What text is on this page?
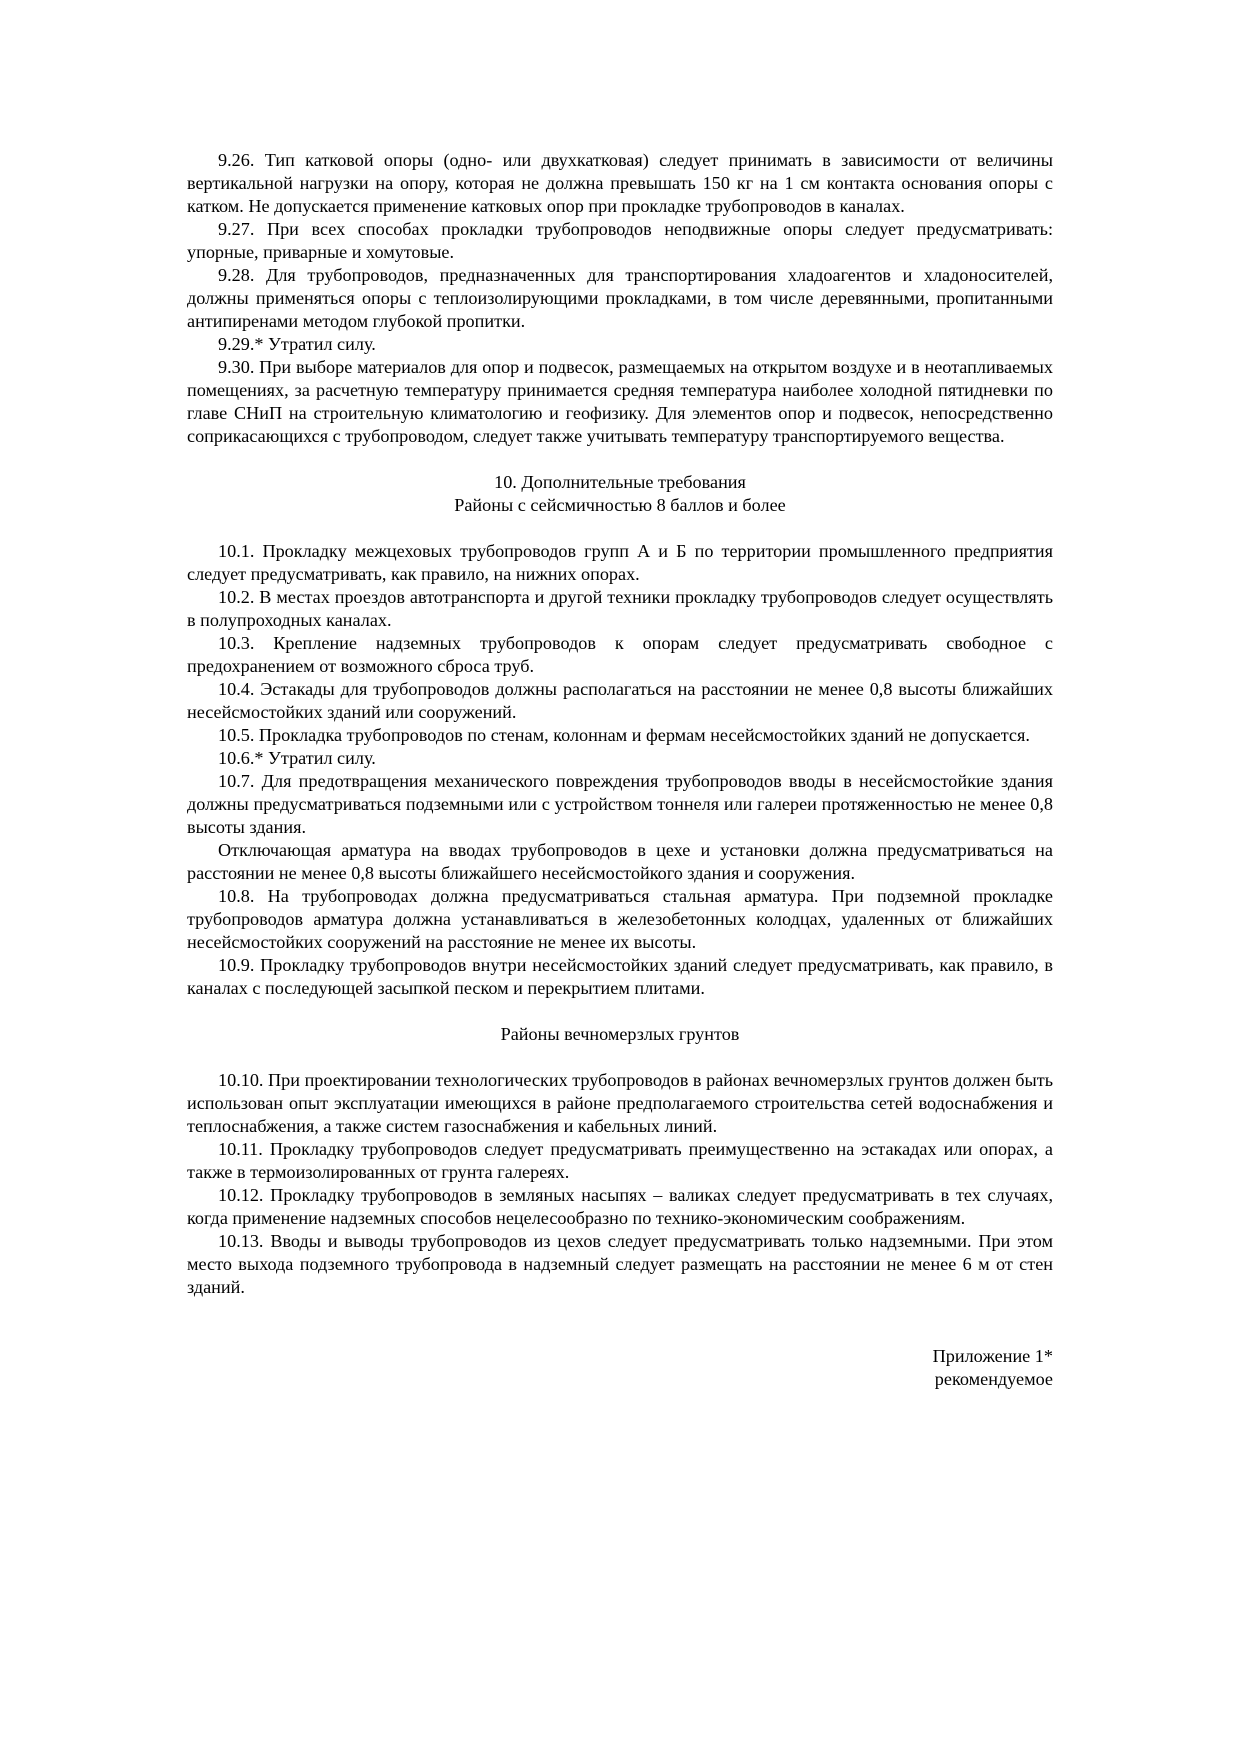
9.26. Тип катковой опоры (одно- или двухкатковая) следует принимать в зависимости от величины вертикальной нагрузки на опору, которая не должна превышать 150 кг на 1 см контакта основания опоры с катком. Не допускается применение катковых опор при прокладке трубопроводов в каналах.

9.27. При всех способах прокладки трубопроводов неподвижные опоры следует предусматривать: упорные, приварные и хомутовые.

9.28. Для трубопроводов, предназначенных для транспортирования хладоагентов и хладоносителей, должны применяться опоры с теплоизолирующими прокладками, в том числе деревянными, пропитанными антипиренами методом глубокой пропитки.

9.29.* Утратил силу.

9.30. При выборе материалов для опор и подвесок, размещаемых на открытом воздухе и в неотапливаемых помещениях, за расчетную температуру принимается средняя температура наиболее холодной пятидневки по главе СНиП на строительную климатологию и геофизику. Для элементов опор и подвесок, непосредственно соприкасающихся с трубопроводом, следует также учитывать температуру транспортируемого вещества.

10. Дополнительные требования

Районы с сейсмичностью 8 баллов и более

10.1. Прокладку межцеховых трубопроводов групп А и Б по территории промышленного предприятия следует предусматривать, как правило, на нижних опорах.

10.2. В местах проездов автотранспорта и другой техники прокладку трубопроводов следует осуществлять в полупроходных каналах.

10.3. Крепление надземных трубопроводов к опорам следует предусматривать свободное с предохранением от возможного сброса труб.

10.4. Эстакады для трубопроводов должны располагаться на расстоянии не менее 0,8 высоты ближайших несейсмостойких зданий или сооружений.

10.5. Прокладка трубопроводов по стенам, колоннам и фермам несейсмостойких зданий не допускается.

10.6.* Утратил силу.

10.7. Для предотвращения механического повреждения трубопроводов вводы в несейсмостойкие здания должны предусматриваться подземными или с устройством тоннеля или галереи протяженностью не менее 0,8 высоты здания.

Отключающая арматура на вводах трубопроводов в цехе и установки должна предусматриваться на расстоянии не менее 0,8 высоты ближайшего несейсмостойкого здания и сооружения.

10.8. На трубопроводах должна предусматриваться стальная арматура. При подземной прокладке трубопроводов арматура должна устанавливаться в железобетонных колодцах, удаленных от ближайших несейсмостойких сооружений на расстояние не менее их высоты.

10.9. Прокладку трубопроводов внутри несейсмостойких зданий следует предусматривать, как правило, в каналах с последующей засыпкой песком и перекрытием плитами.

Районы вечномерзлых грунтов

10.10. При проектировании технологических трубопроводов в районах вечномерзлых грунтов должен быть использован опыт эксплуатации имеющихся в районе предполагаемого строительства сетей водоснабжения и теплоснабжения, а также систем газоснабжения и кабельных линий.

10.11. Прокладку трубопроводов следует предусматривать преимущественно на эстакадах или опорах, а также в термоизолированных от грунта галереях.

10.12. Прокладку трубопроводов в земляных насыпях – валиках следует предусматривать в тех случаях, когда применение надземных способов нецелесообразно по технико-экономическим соображениям.

10.13. Вводы и выводы трубопроводов из цехов следует предусматривать только надземными. При этом место выхода подземного трубопровода в надземный следует размещать на расстоянии не менее 6 м от стен зданий.

Приложение 1*

рекомендуемое
